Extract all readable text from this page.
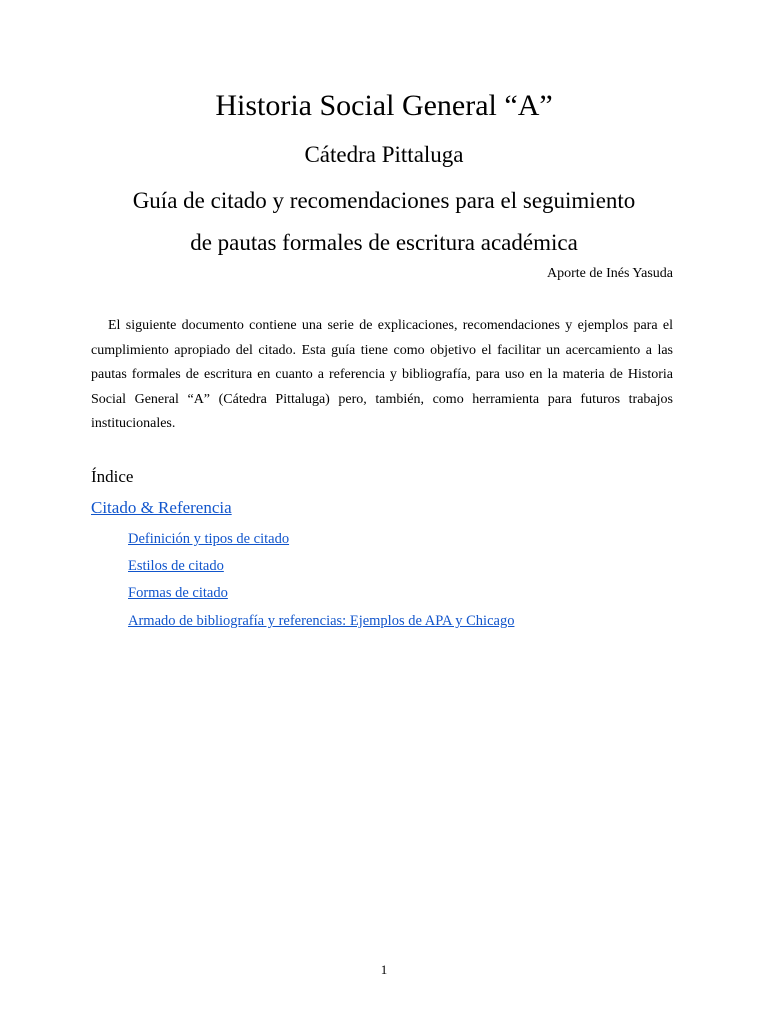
Historia Social General “A”
Cátedra Pittaluga
Guía de citado y recomendaciones para el seguimiento
de pautas formales de escritura académica
Aporte de Inés Yasuda

El siguiente documento contiene una serie de explicaciones, recomendaciones y ejemplos para el cumplimiento apropiado del citado. Esta guía tiene como objetivo el facilitar un acercamiento a las pautas formales de escritura en cuanto a referencia y bibliografía, para uso en la materia de Historia Social General “A” (Cátedra Pittaluga) pero, también, como herramienta para futuros trabajos institucionales.

Índice
Citado & Referencia
Definición y tipos de citado
Estilos de citado
Formas de citado
Armado de bibliografía y referencias: Ejemplos de APA y Chicago
1
